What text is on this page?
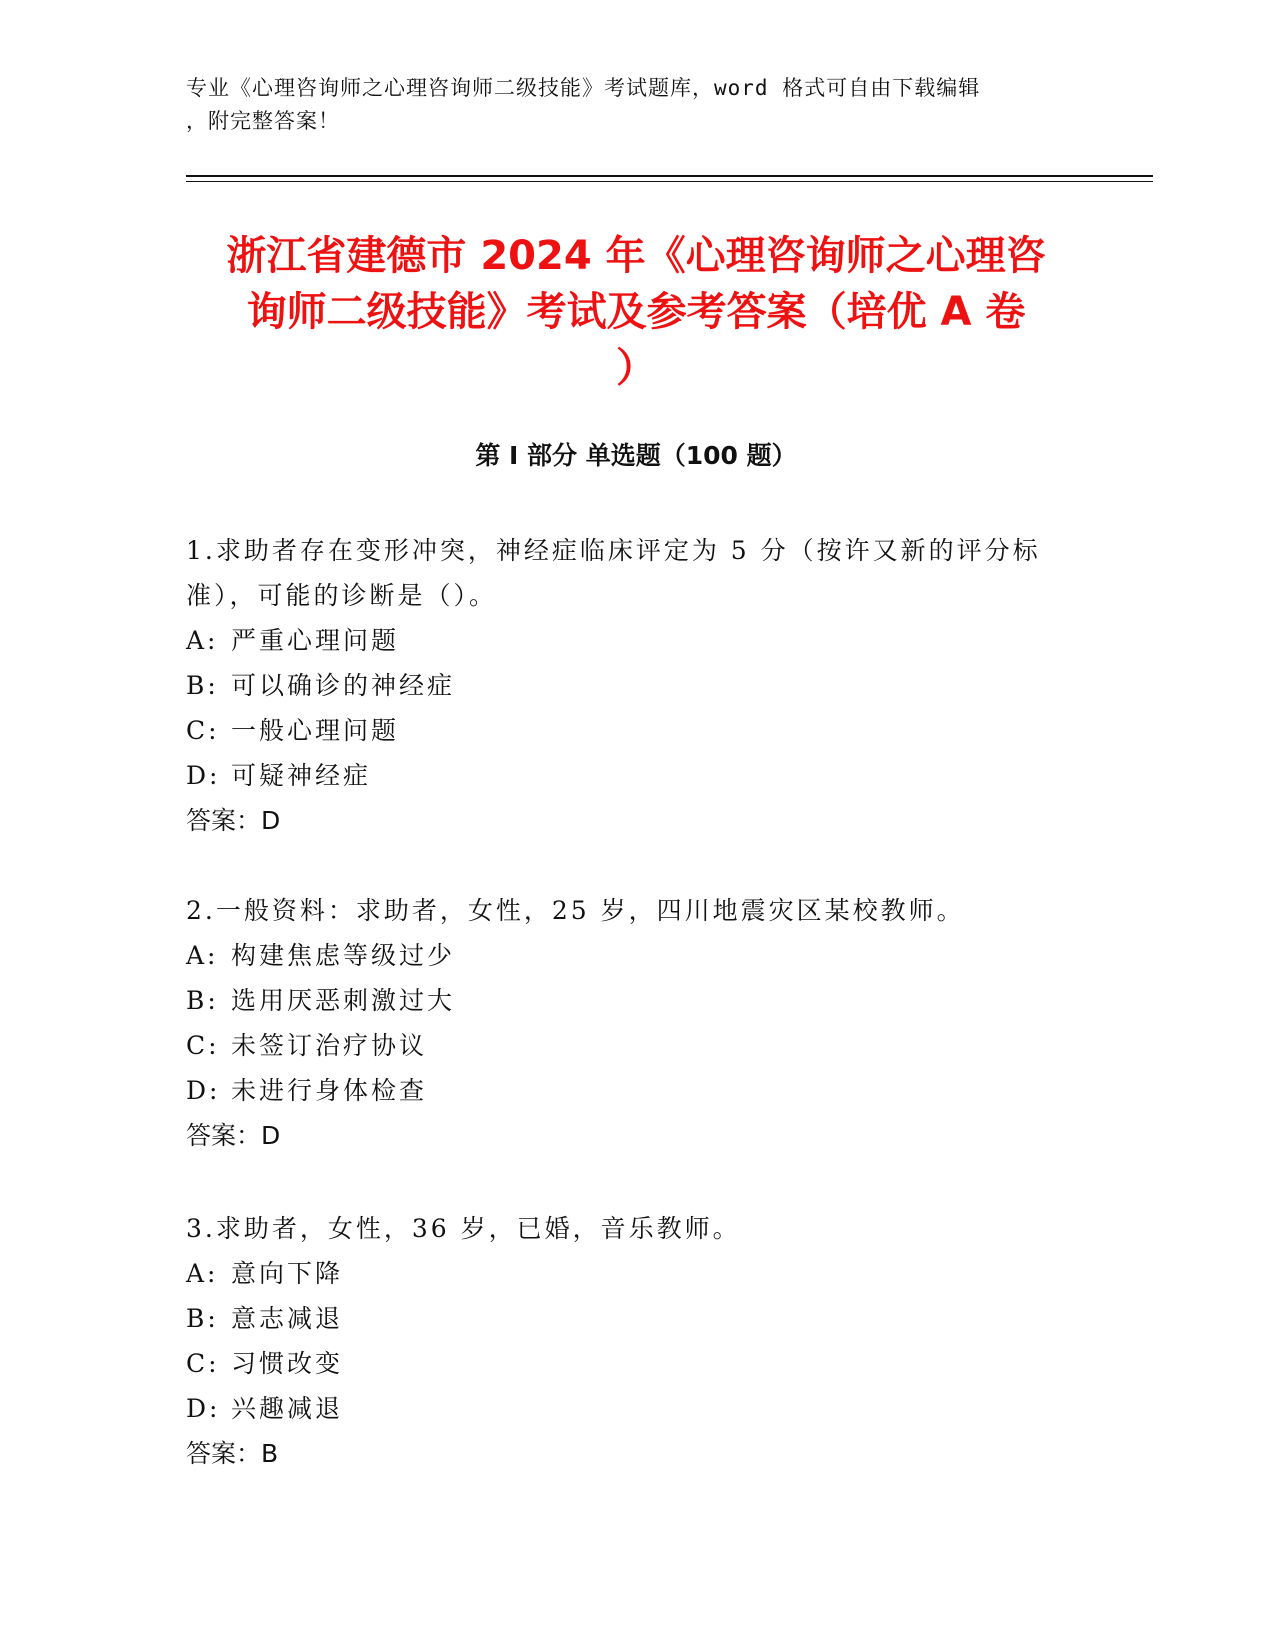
专业《心理咨询师之心理咨询师二级技能》考试题库，word 格式可自由下载编辑
，附完整答案！
浙江省建德市 2024 年《心理咨询师之心理咨
询师二级技能》考试及参考答案（培优 A 卷
）
第 I 部分 单选题（100 题）

1.求助者存在变形冲突，神经症临床评定为 5 分（按许又新的评分标

准），可能的诊断是（）。

A: 严重心理问题

B: 可以确诊的神经症

C: 一般心理问题

D: 可疑神经症

答案：D

2.一般资料：求助者，女性，25 岁，四川地震灾区某校教师。

A: 构建焦虑等级过少

B: 选用厌恶刺激过大

C: 未签订治疗协议

D: 未进行身体检查

答案：D

3.求助者，女性，36 岁，已婚，音乐教师。

A: 意向下降

B: 意志减退

C: 习惯改变

D: 兴趣减退

答案：B
